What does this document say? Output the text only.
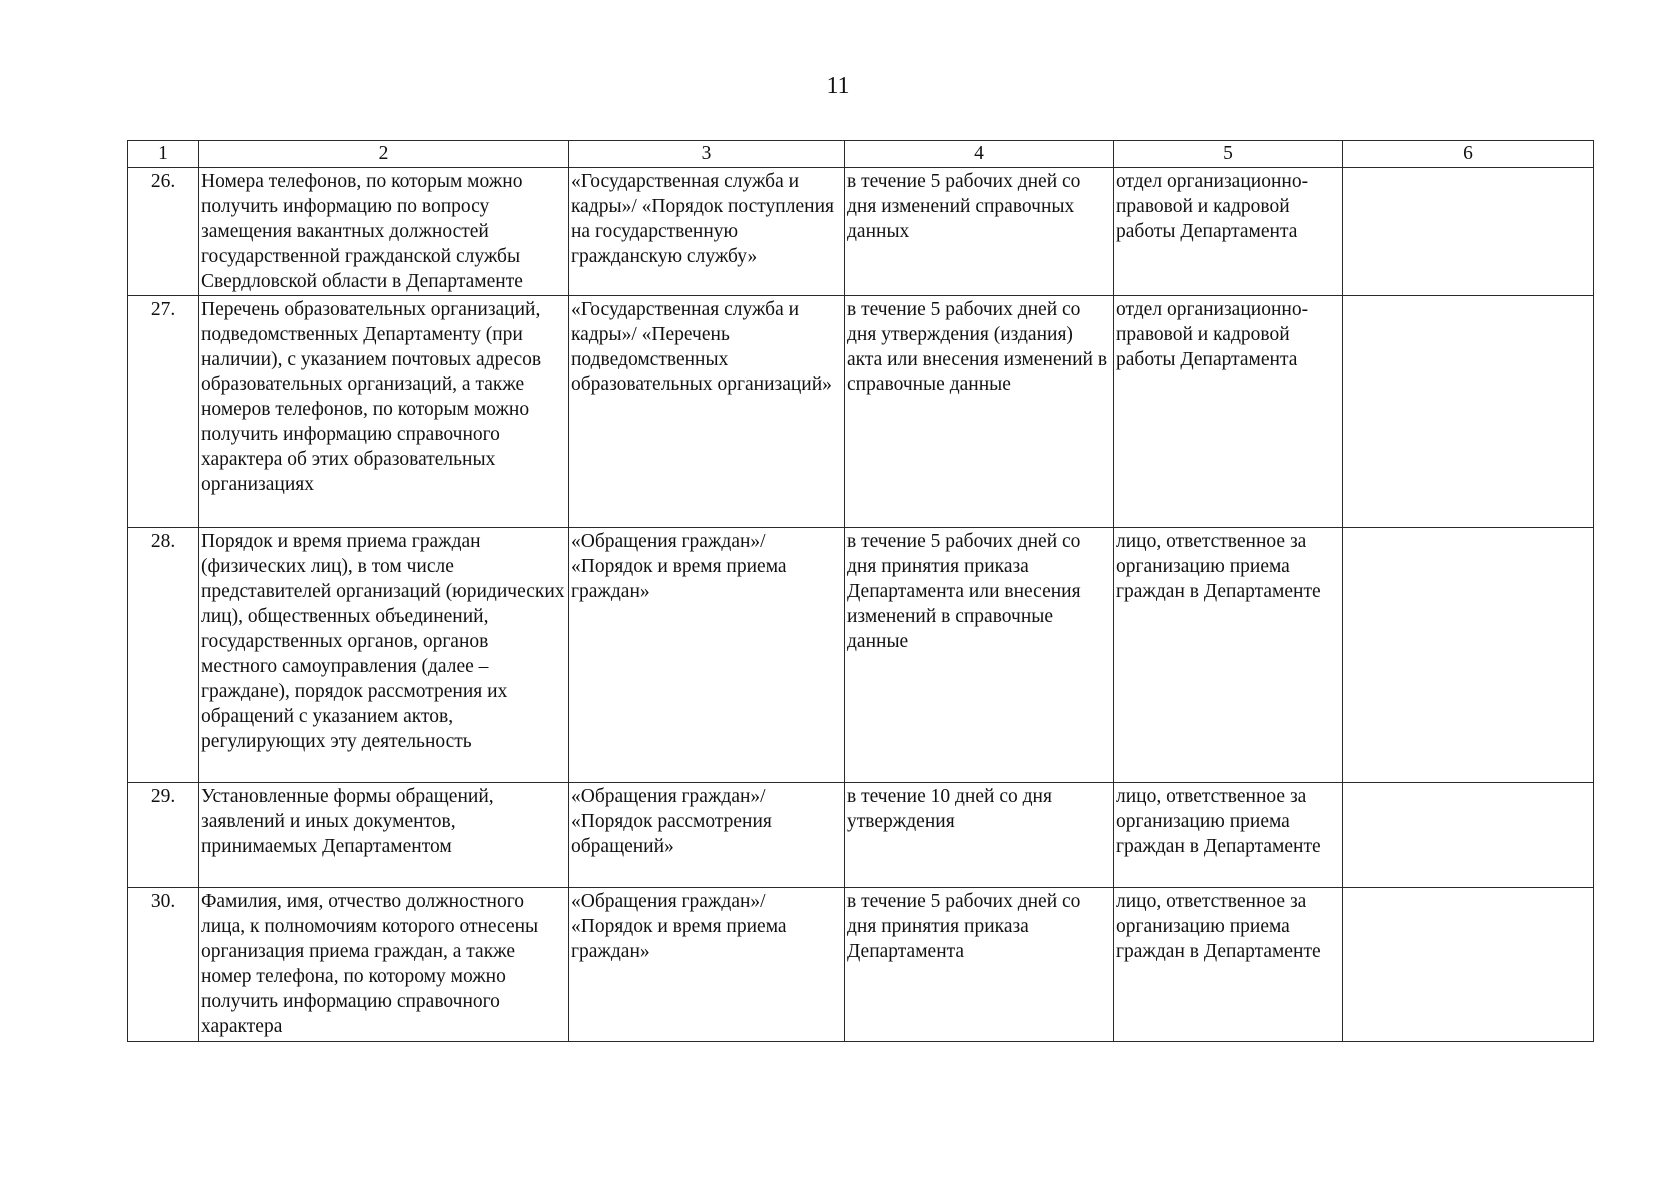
11
1	2	3	4	5	6
26.	Номера телефонов, по которым можно получить информацию по вопросу замещения вакантных должностей государственной гражданской службы Свердловской области в Департаменте	«Государственная служба и кадры»/ «Порядок поступления на государственную гражданскую службу»	в течение 5 рабочих дней со дня изменений справочных данных	отдел организационно-правовой и кадровой работы Департамента	
27.	Перечень образовательных организаций, подведомственных Департаменту (при наличии), с указанием почтовых адресов образовательных организаций, а также номеров телефонов, по которым можно получить информацию справочного характера об этих образовательных организациях	«Государственная служба и кадры»/ «Перечень подведомственных образовательных организаций»	в течение 5 рабочих дней со дня утверждения (издания) акта или внесения изменений в справочные данные	отдел организационно-правовой и кадровой работы Департамента	
28.	Порядок и время приема граждан (физических лиц), в том числе представителей организаций (юридических лиц), общественных объединений, государственных органов, органов местного самоуправления (далее – граждане), порядок рассмотрения их обращений с указанием актов, регулирующих эту деятельность	«Обращения граждан»/ «Порядок и время приема граждан»	в течение 5 рабочих дней со дня принятия приказа Департамента или внесения изменений в справочные данные	лицо, ответственное за организацию приема граждан в Департаменте	
29.	Установленные формы обращений, заявлений и иных документов, принимаемых Департаментом	«Обращения граждан»/ «Порядок рассмотрения обращений»	в течение 10 дней со дня утверждения	лицо, ответственное за организацию приема граждан в Департаменте	
30.	Фамилия, имя, отчество должностного лица, к полномочиям которого отнесены организация приема граждан, а также номер телефона, по которому можно получить информацию справочного характера	«Обращения граждан»/ «Порядок и время приема граждан»	в течение 5 рабочих дней со дня принятия приказа Департамента	лицо, ответственное за организацию приема граждан в Департаменте	
